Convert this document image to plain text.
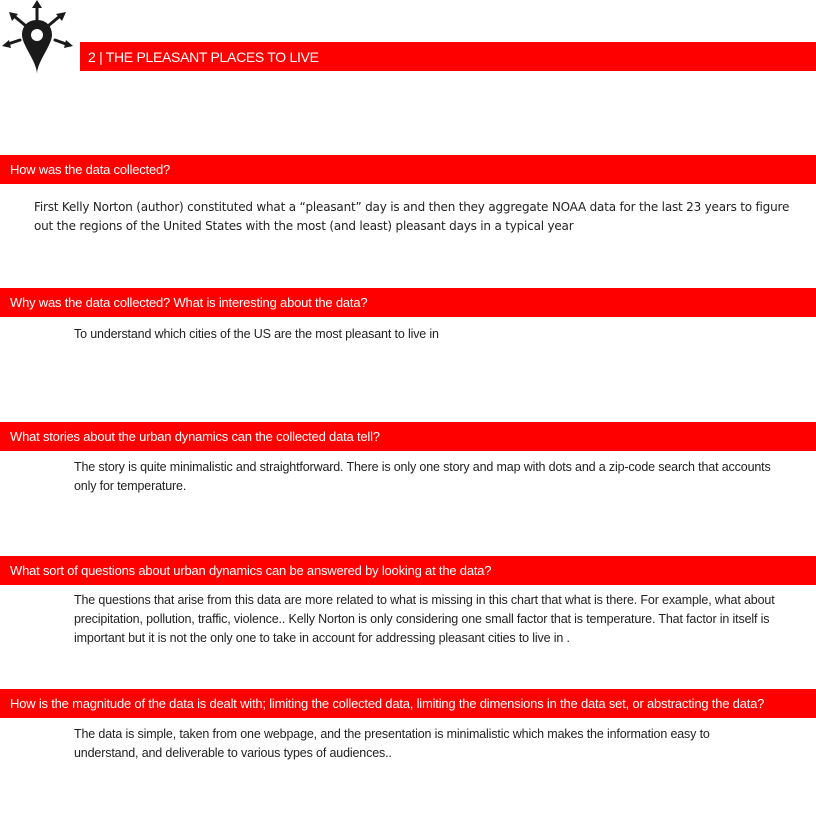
2 | THE PLEASANT PLACES TO LIVE
How was the data collected?
First Kelly Norton (author) constituted what a “pleasant” day is and then they aggregate NOAA data for the last 23 years to figure out the regions of the United States with the most (and least) pleasant days in a typical year
Why was the data collected? What is interesting about the data?
To understand which cities of the US are the most pleasant to live in
What stories about the urban dynamics can the collected data tell?
The story is quite minimalistic and straightforward. There is only one story and map with dots and a zip-code search that accounts only for temperature.
What sort of questions about urban dynamics can be answered by looking at the data?
The questions that arise from this data are more related to what is missing in this chart that what is there. For example, what about precipitation, pollution, traffic, violence.. Kelly Norton is only considering one small factor that is temperature. That factor in itself is important but it is not the only one to take in account for addressing pleasant cities to live in .
How is the magnitude of the data is dealt with; limiting the collected data, limiting the dimensions in the data set, or abstracting the data?
The data is simple, taken from one webpage, and the presentation is minimalistic which makes the information easy to understand, and deliverable to various types of audiences..
